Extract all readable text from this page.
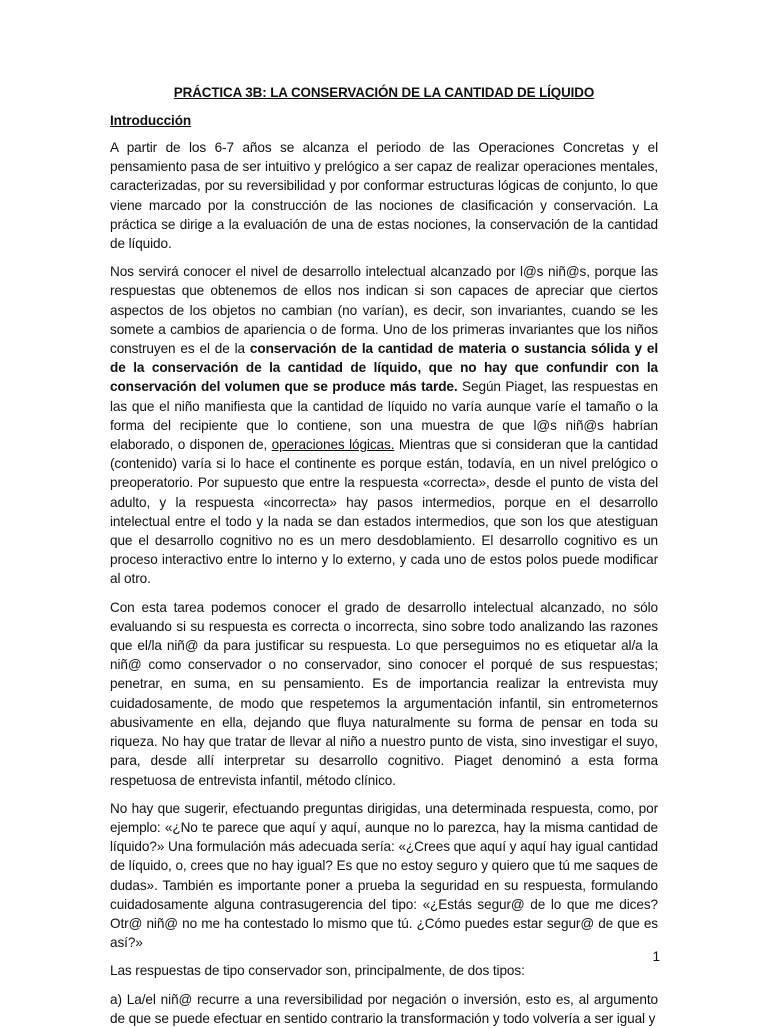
PRÁCTICA 3B: LA CONSERVACIÓN DE LA CANTIDAD DE LÍQUIDO
Introducción

A partir de los 6-7 años se alcanza el periodo de las Operaciones Concretas y el pensamiento pasa de ser intuitivo y prelógico a ser capaz de realizar operaciones mentales, caracterizadas, por su reversibilidad y por conformar estructuras lógicas de conjunto, lo que viene marcado por la construcción de las nociones de clasificación y conservación. La práctica se dirige a la evaluación de una de estas nociones, la conservación de la cantidad de líquido.

Nos servirá conocer el nivel de desarrollo intelectual alcanzado por l@s niñ@s, porque las respuestas que obtenemos de ellos nos indican si son capaces de apreciar que ciertos aspectos de los objetos no cambian (no varían), es decir, son invariantes, cuando se les somete a cambios de apariencia o de forma. Uno de los primeras invariantes que los niños construyen es el de la conservación de la cantidad de materia o sustancia sólida y el de la conservación de la cantidad de líquido, que no hay que confundir con la conservación del volumen que se produce más tarde. Según Piaget, las respuestas en las que el niño manifiesta que la cantidad de líquido no varía aunque varíe el tamaño o la forma del recipiente que lo contiene, son una muestra de que l@s niñ@s habrían elaborado, o disponen de, operaciones lógicas. Mientras que si consideran que la cantidad (contenido) varía si lo hace el continente es porque están, todavía, en un nivel prelógico o preoperatorio. Por supuesto que entre la respuesta «correcta», desde el punto de vista del adulto, y la respuesta «incorrecta» hay pasos intermedios, porque en el desarrollo intelectual entre el todo y la nada se dan estados intermedios, que son los que atestiguan que el desarrollo cognitivo no es un mero desdoblamiento. El desarrollo cognitivo es un proceso interactivo entre lo interno y lo externo, y cada uno de estos polos puede modificar al otro.

Con esta tarea podemos conocer el grado de desarrollo intelectual alcanzado, no sólo evaluando si su respuesta es correcta o incorrecta, sino sobre todo analizando las razones que el/la niñ@ da para justificar su respuesta. Lo que perseguimos no es etiquetar al/a la niñ@ como conservador o no conservador, sino conocer el porqué de sus respuestas; penetrar, en suma, en su pensamiento. Es de importancia realizar la entrevista muy cuidadosamente, de modo que respetemos la argumentación infantil, sin entrometernos abusivamente en ella, dejando que fluya naturalmente su forma de pensar en toda su riqueza. No hay que tratar de llevar al niño a nuestro punto de vista, sino investigar el suyo, para, desde allí interpretar su desarrollo cognitivo. Piaget denominó a esta forma respetuosa de entrevista infantil, método clínico.

No hay que sugerir, efectuando preguntas dirigidas, una determinada respuesta, como, por ejemplo: «¿No te parece que aquí y aquí, aunque no lo parezca, hay la misma cantidad de líquido?» Una formulación más adecuada sería: «¿Crees que aquí y aquí hay igual cantidad de líquido, o, crees que no hay igual? Es que no estoy seguro y quiero que tú me saques de dudas». También es importante poner a prueba la seguridad en su respuesta, formulando cuidadosamente alguna contrasugerencia del tipo: «¿Estás segur@ de lo que me dices? Otr@ niñ@ no me ha contestado lo mismo que tú. ¿Cómo puedes estar segur@ de que es así?»

Las respuestas de tipo conservador son, principalmente, de dos tipos:

a) La/el niñ@ recurre a una reversibilidad por negación o inversión, esto es, al argumento de que se puede efectuar en sentido contrario la transformación y todo volvería a ser igual y

1
